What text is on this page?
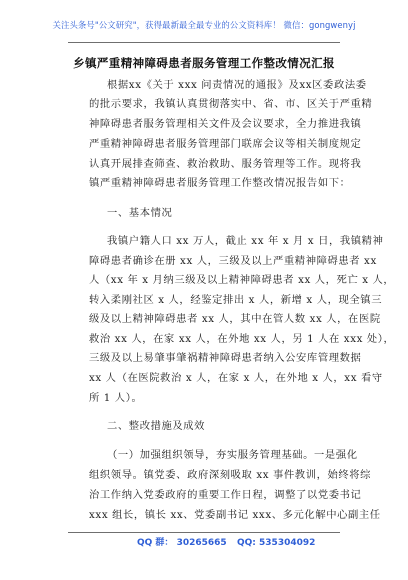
关注头条号"公文研究"，获得最新最全最专业的公文资料库！ 微信：gongwenyj
乡镇严重精神障碍患者服务管理工作整改情况汇报
根据xx《关于 xxx 问责情况的通报》及xx区委政法委
的批示要求，我镇认真贯彻落实中、省、市、区关于严重精
神障碍患者服务管理相关文件及会议要求，全力推进我镇
严重精神障碍患者服务管理部门联席会议等相关制度规定
认真开展排查筛查、救治救助、服务管理等工作。现将我
镇严重精神障碍患者服务管理工作整改情况报告如下：
一、基本情况
我镇户籍人口 xx 万人，截止 xx 年 x 月 x 日，我镇精神
障碍患者确诊在册 xx 人，三级及以上严重精神障碍患者 xx
人（xx 年 x 月纳三级及以上精神障碍患者 xx 人，死亡 x 人，
转入柔刚社区 x 人，经鉴定排出 x 人，新增 x 人，现全镇三
级及以上精神障碍患者 xx 人，其中在管人数 xx 人，在医院
救治 xx 人，在家 xx 人，在外地 xx 人，另 1 人在 xxx 处），
三级及以上易肇事肇祸精神障碍患者纳入公安库管理数据
xx 人（在医院救治 x 人，在家 x 人，在外地 x 人，xx 看守
所 1 人）。
二、整改措施及成效
（一）加强组织领导，夯实服务管理基础。一是强化
组织领导。镇党委、政府深刻吸取 xx 事件教训，始终将综
治工作纳入党委政府的重要工作日程，调整了以党委书记
xxx 组长，镇长 xx、党委副书记 xxx、多元化解中心副主任
QQ 群： 30265665 QQ: 535304092
